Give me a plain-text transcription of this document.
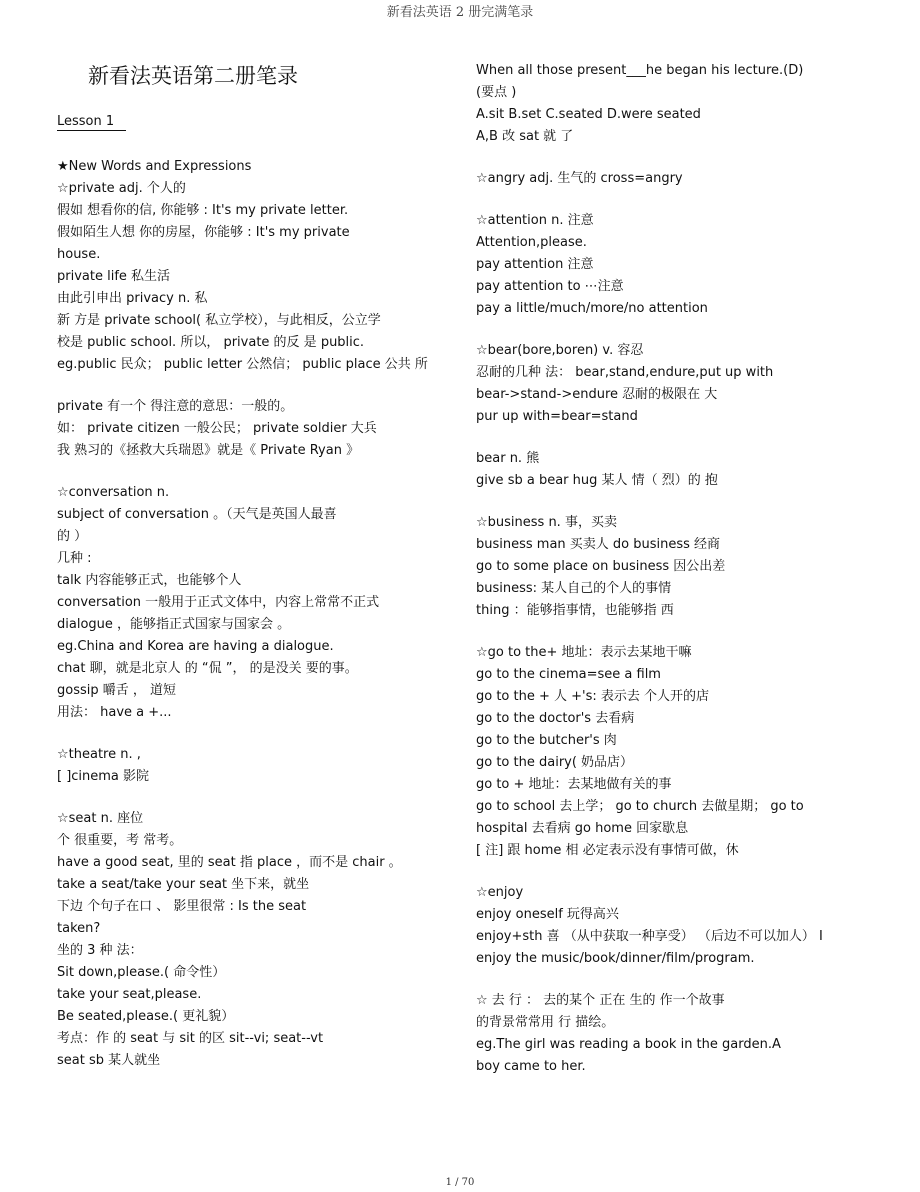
新看法英语 2 册完满笔录
新看法英语第二册笔录
Lesson 1
★New Words and Expressions
☆private adj. 个人的
假如 想看你的信, 你能够 : It's my private letter.
假如陌生人想 你的房屋，你能够 : It's my private
house.
private life 私生活
由此引申出 privacy n. 私
新 方是 private school( 私立学校），与此相反，公立学
校是 public school. 所以， private 的反 是 public.
eg.public 民众； public letter 公然信； public place 公共 所
private 有一个 得注意的意思：一般的。
如： private citizen 一般公民； private soldier 大兵
我 熟习的《拯救大兵瑞恩》就是《 Private Ryan 》
☆conversation n.
subject of conversation 。（天气是英国人最喜
的 ）
几种 :
talk 内容能够正式，也能够个人
conversation 一般用于正式文体中，内容上常常不正式
dialogue ，能够指正式国家与国家会 。
eg.China and Korea are having a dialogue.
chat 聊，就是北京人 的 “侃 ”， 的是没关 要的事。
gossip 嚼舌 ， 道短
用法： have a +...
☆theatre n. ,
[ ]cinema 影院
☆seat n. 座位
个 很重要，考 常考。
have a good seat, 里的 seat 指 place ，而不是 chair 。
take a seat/take your seat 坐下来，就坐
下边 个句子在口 、 影里很常 : Is the seat
taken?
坐的 3 种 法：
Sit down,please.( 命令性）
take your seat,please.
Be seated,please.( 更礼貌）
考点：作 的 seat 与 sit 的区 sit--vi; seat--vt
seat sb 某人就坐
When all those present___he began his lecture.(D)
(要点 )
A.sit B.set C.seated D.were seated
A,B 改 sat 就 了
☆angry adj. 生气的 cross=angry
☆attention n. 注意
Attention,please.
pay attention 注意
pay attention to ⋯注意
pay a little/much/more/no attention
☆bear(bore,boren) v. 容忍
忍耐的几种 法： bear,stand,endure,put up with
bear->stand->endure 忍耐的极限在 大
pur up with=bear=stand
bear n. 熊
give sb a bear hug 某人 情（ 烈）的 抱
☆business n. 事，买卖
business man 买卖人 do business 经商
go to some place on business 因公出差
business: 某人自己的个人的事情
thing ：能够指事情，也能够指 西
☆go to the+ 地址：表示去某地干嘛
go to the cinema=see a film
go to the + 人 +'s: 表示去 个人开的店
go to the doctor's 去看病
go to the butcher's 肉
go to the dairy( 奶品店）
go to + 地址：去某地做有关的事
go to school 去上学； go to church 去做星期； go to
hospital 去看病 go home 回家歇息
[ 注] 跟 home 相 必定表示没有事情可做，休
☆enjoy
enjoy oneself 玩得高兴
enjoy+sth 喜 （从中获取一种享受） （后边不可以加人） I
enjoy the music/book/dinner/film/program.
☆ 去 行 ： 去的某个 正在 生的 作一个故事
的背景常常用 行 描绘。
eg.The girl was reading a book in the garden.A
boy came to her.
1 / 70
